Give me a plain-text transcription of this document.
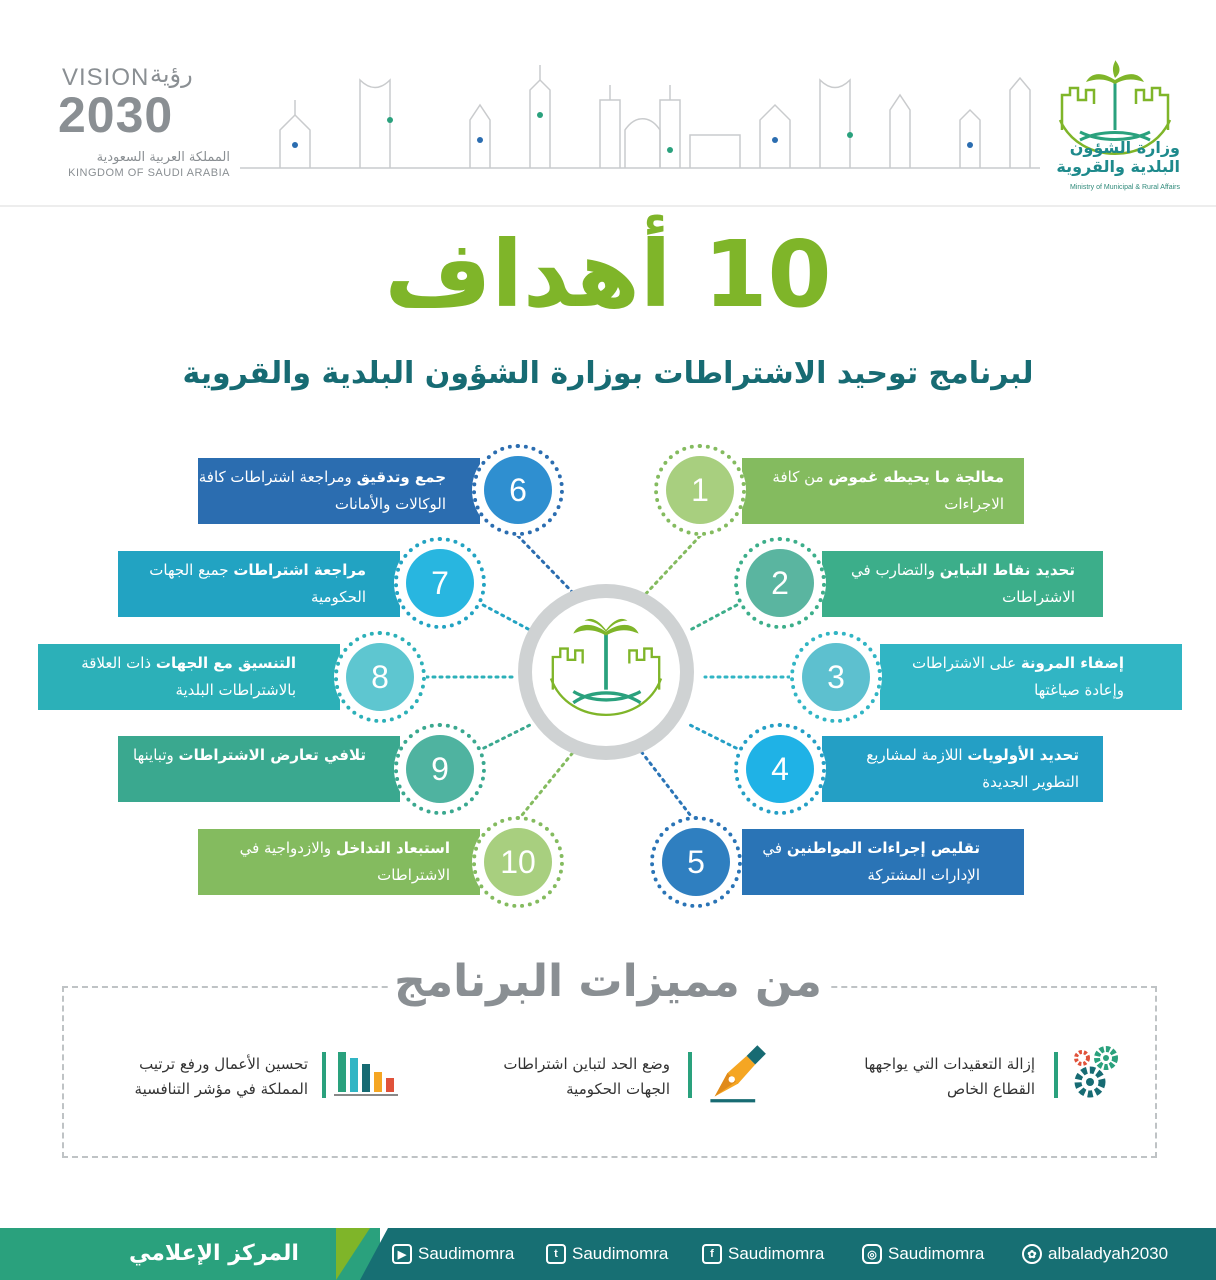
VISION رؤية
2030
المملكة العربية السعودية
KINGDOM OF SAUDI ARABIA
وزارة الشؤون البلدية والقروية
Ministry of Municipal & Rural Affairs
10 أهداف
لبرنامج توحيد الاشتراطات بوزارة الشؤون البلدية والقروية
معالجة ما يحيطه غموض من كافة الاجراءات
1
تحديد نقاط التباين والتضارب في الاشتراطات
2
إضفاء المرونة على الاشتراطات وإعادة صياغتها
3
تحديد الأولويات اللازمة لمشاريع التطوير الجديدة
4
تقليص إجراءات المواطنين في الإدارات المشتركة
5
جمع وتدقيق ومراجعة اشتراطات كافة الوكالات والأمانات	6
مراجعة اشتراطات جميع الجهات الحكومية	7
التنسيق مع الجهات ذات العلاقة بالاشتراطات البلدية	8
تلافي تعارض الاشتراطات وتباينها	9
استبعاد التداخل والازدواجية في الاشتراطات	10
من مميزات البرنامج
إزالة التعقيدات التي يواجهها القطاع الخاص
وضع الحد لتباين اشتراطات الجهات الحكومية
تحسين الأعمال ورفع ترتيب المملكة في مؤشر التنافسية
المركز الإعلامي	▶ Saudimomra	t Saudimomra	f Saudimomra	◎ Saudimomra	✿ albaladyah2030
